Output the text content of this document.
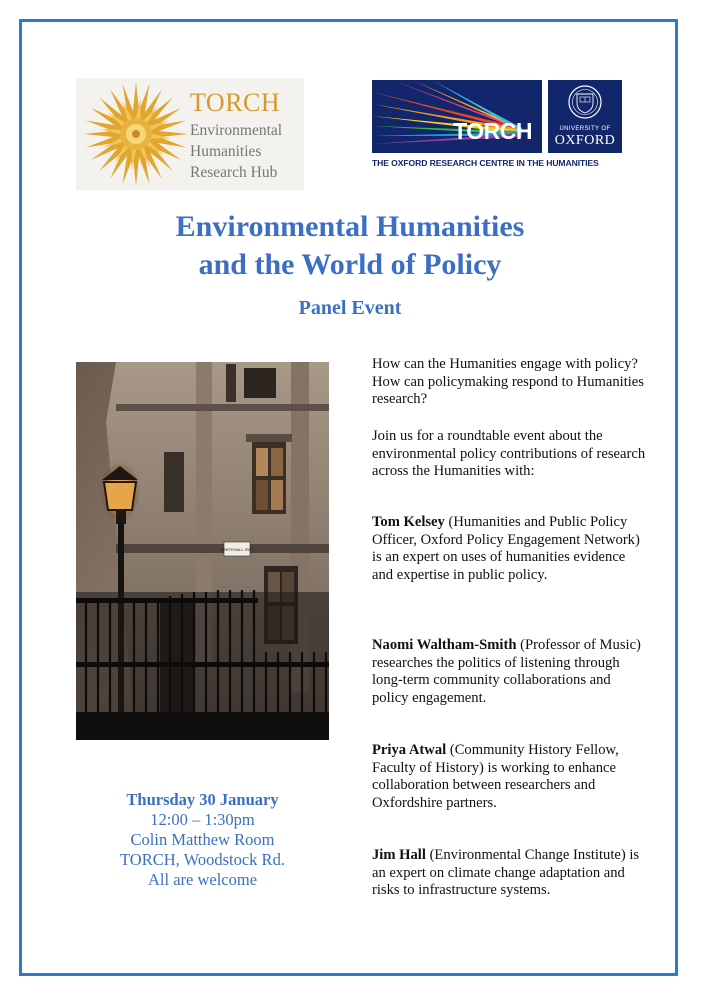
TORCH
Environmental
Humanities
Research Hub
TORCH	UNIVERSITY OF
OXFORD
THE OXFORD RESEARCH CENTRE IN THE HUMANITIES
Environmental Humanities
and the World of Policy
Panel Event
WHITEHALL SW1
Thursday 30 January
12:00 – 1:30pm
Colin Matthew Room
TORCH, Woodstock Rd.
All are welcome
How can the Humanities engage with policy? How can policymaking respond to Humanities research?
Join us for a roundtable event about the environmental policy contributions of research across the Humanities with:
Tom Kelsey (Humanities and Public Policy Officer, Oxford Policy Engagement Network) is an expert on uses of humanities evidence and expertise in public policy.
Naomi Waltham-Smith (Professor of Music) researches the politics of listening through long-term community collaborations and policy engagement.
Priya Atwal (Community History Fellow, Faculty of History) is working to enhance collaboration between researchers and Oxfordshire partners.
Jim Hall (Environmental Change Institute) is an expert on climate change adaptation and risks to infrastructure systems.
